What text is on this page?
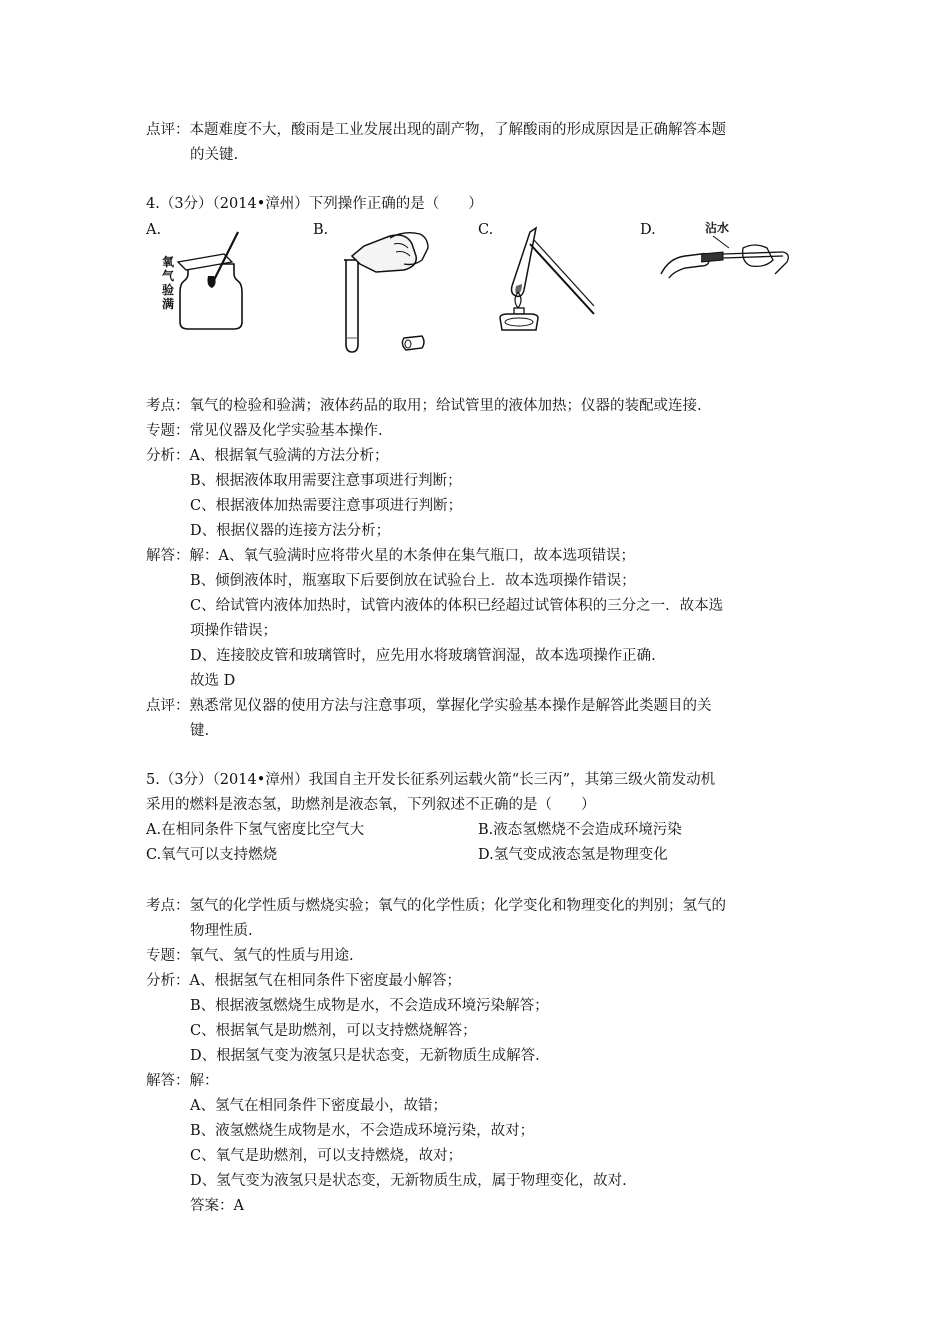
点评：本题难度不大，酸雨是工业发展出现的副产物，了解酸雨的形成原因是正确解答本题
的关键.
4.（3分）（2014•漳州）下列操作正确的是（　　）
A.	B.	C.	D.
氧气验满
沾水
考点：氧气的检验和验满；液体药品的取用；给试管里的液体加热；仪器的装配或连接.
专题：常见仪器及化学实验基本操作.
分析：A、根据氧气验满的方法分析；
B、根据液体取用需要注意事项进行判断；
C、根据液体加热需要注意事项进行判断；
D、根据仪器的连接方法分析；
解答：解：A、氧气验满时应将带火星的木条伸在集气瓶口，故本选项错误；
B、倾倒液体时，瓶塞取下后要倒放在试验台上．故本选项操作错误；
C、给试管内液体加热时，试管内液体的体积已经超过试管体积的三分之一．故本选
项操作错误；
D、连接胶皮管和玻璃管时，应先用水将玻璃管润湿，故本选项操作正确.
故选 D
点评：熟悉常见仪器的使用方法与注意事项，掌握化学实验基本操作是解答此类题目的关
键.
5.（3分）（2014•漳州）我国自主开发长征系列运载火箭“长三丙”，其第三级火箭发动机
采用的燃料是液态氢，助燃剂是液态氧，下列叙述不正确的是（　　）
A.在相同条件下氢气密度比空气大	B.液态氢燃烧不会造成环境污染
C.氧气可以支持燃烧	D.氢气变成液态氢是物理变化
考点：氢气的化学性质与燃烧实验；氧气的化学性质；化学变化和物理变化的判别；氢气的
物理性质.
专题：氧气、氢气的性质与用途.
分析：A、根据氢气在相同条件下密度最小解答；
B、根据液氢燃烧生成物是水，不会造成环境污染解答；
C、根据氧气是助燃剂，可以支持燃烧解答；
D、根据氢气变为液氢只是状态变，无新物质生成解答.
解答：解：
A、氢气在相同条件下密度最小，故错；
B、液氢燃烧生成物是水，不会造成环境污染，故对；
C、氧气是助燃剂，可以支持燃烧，故对；
D、氢气变为液氢只是状态变，无新物质生成，属于物理变化，故对.
答案：A
